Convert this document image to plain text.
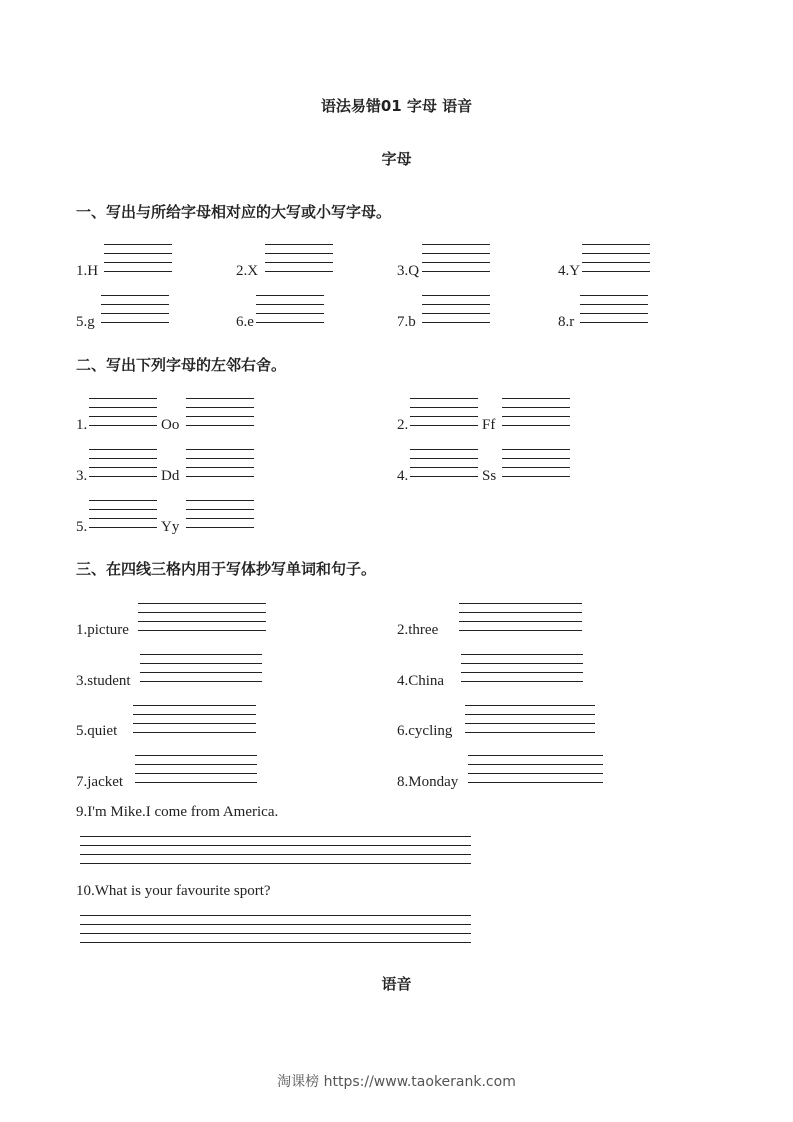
语法易错01 字母 语音
字母
一、写出与所给字母相对应的大写或小写字母。
1.H	2.X	3.Q	4.Y
5.g	6.e	7.b	8.r
二、写出下列字母的左邻右舍。
1.	Oo	2.	Ff
3.	Dd	4.	Ss
5.	Yy
三、在四线三格内用于写体抄写单词和句子。
1.picture	2.three
3.student	4.China
5.quiet	6.cycling
7.jacket	8.Monday
9.I'm Mike.I come from America.
10.What is your favourite sport?
语音
淘课榜 https://www.taokerank.com
